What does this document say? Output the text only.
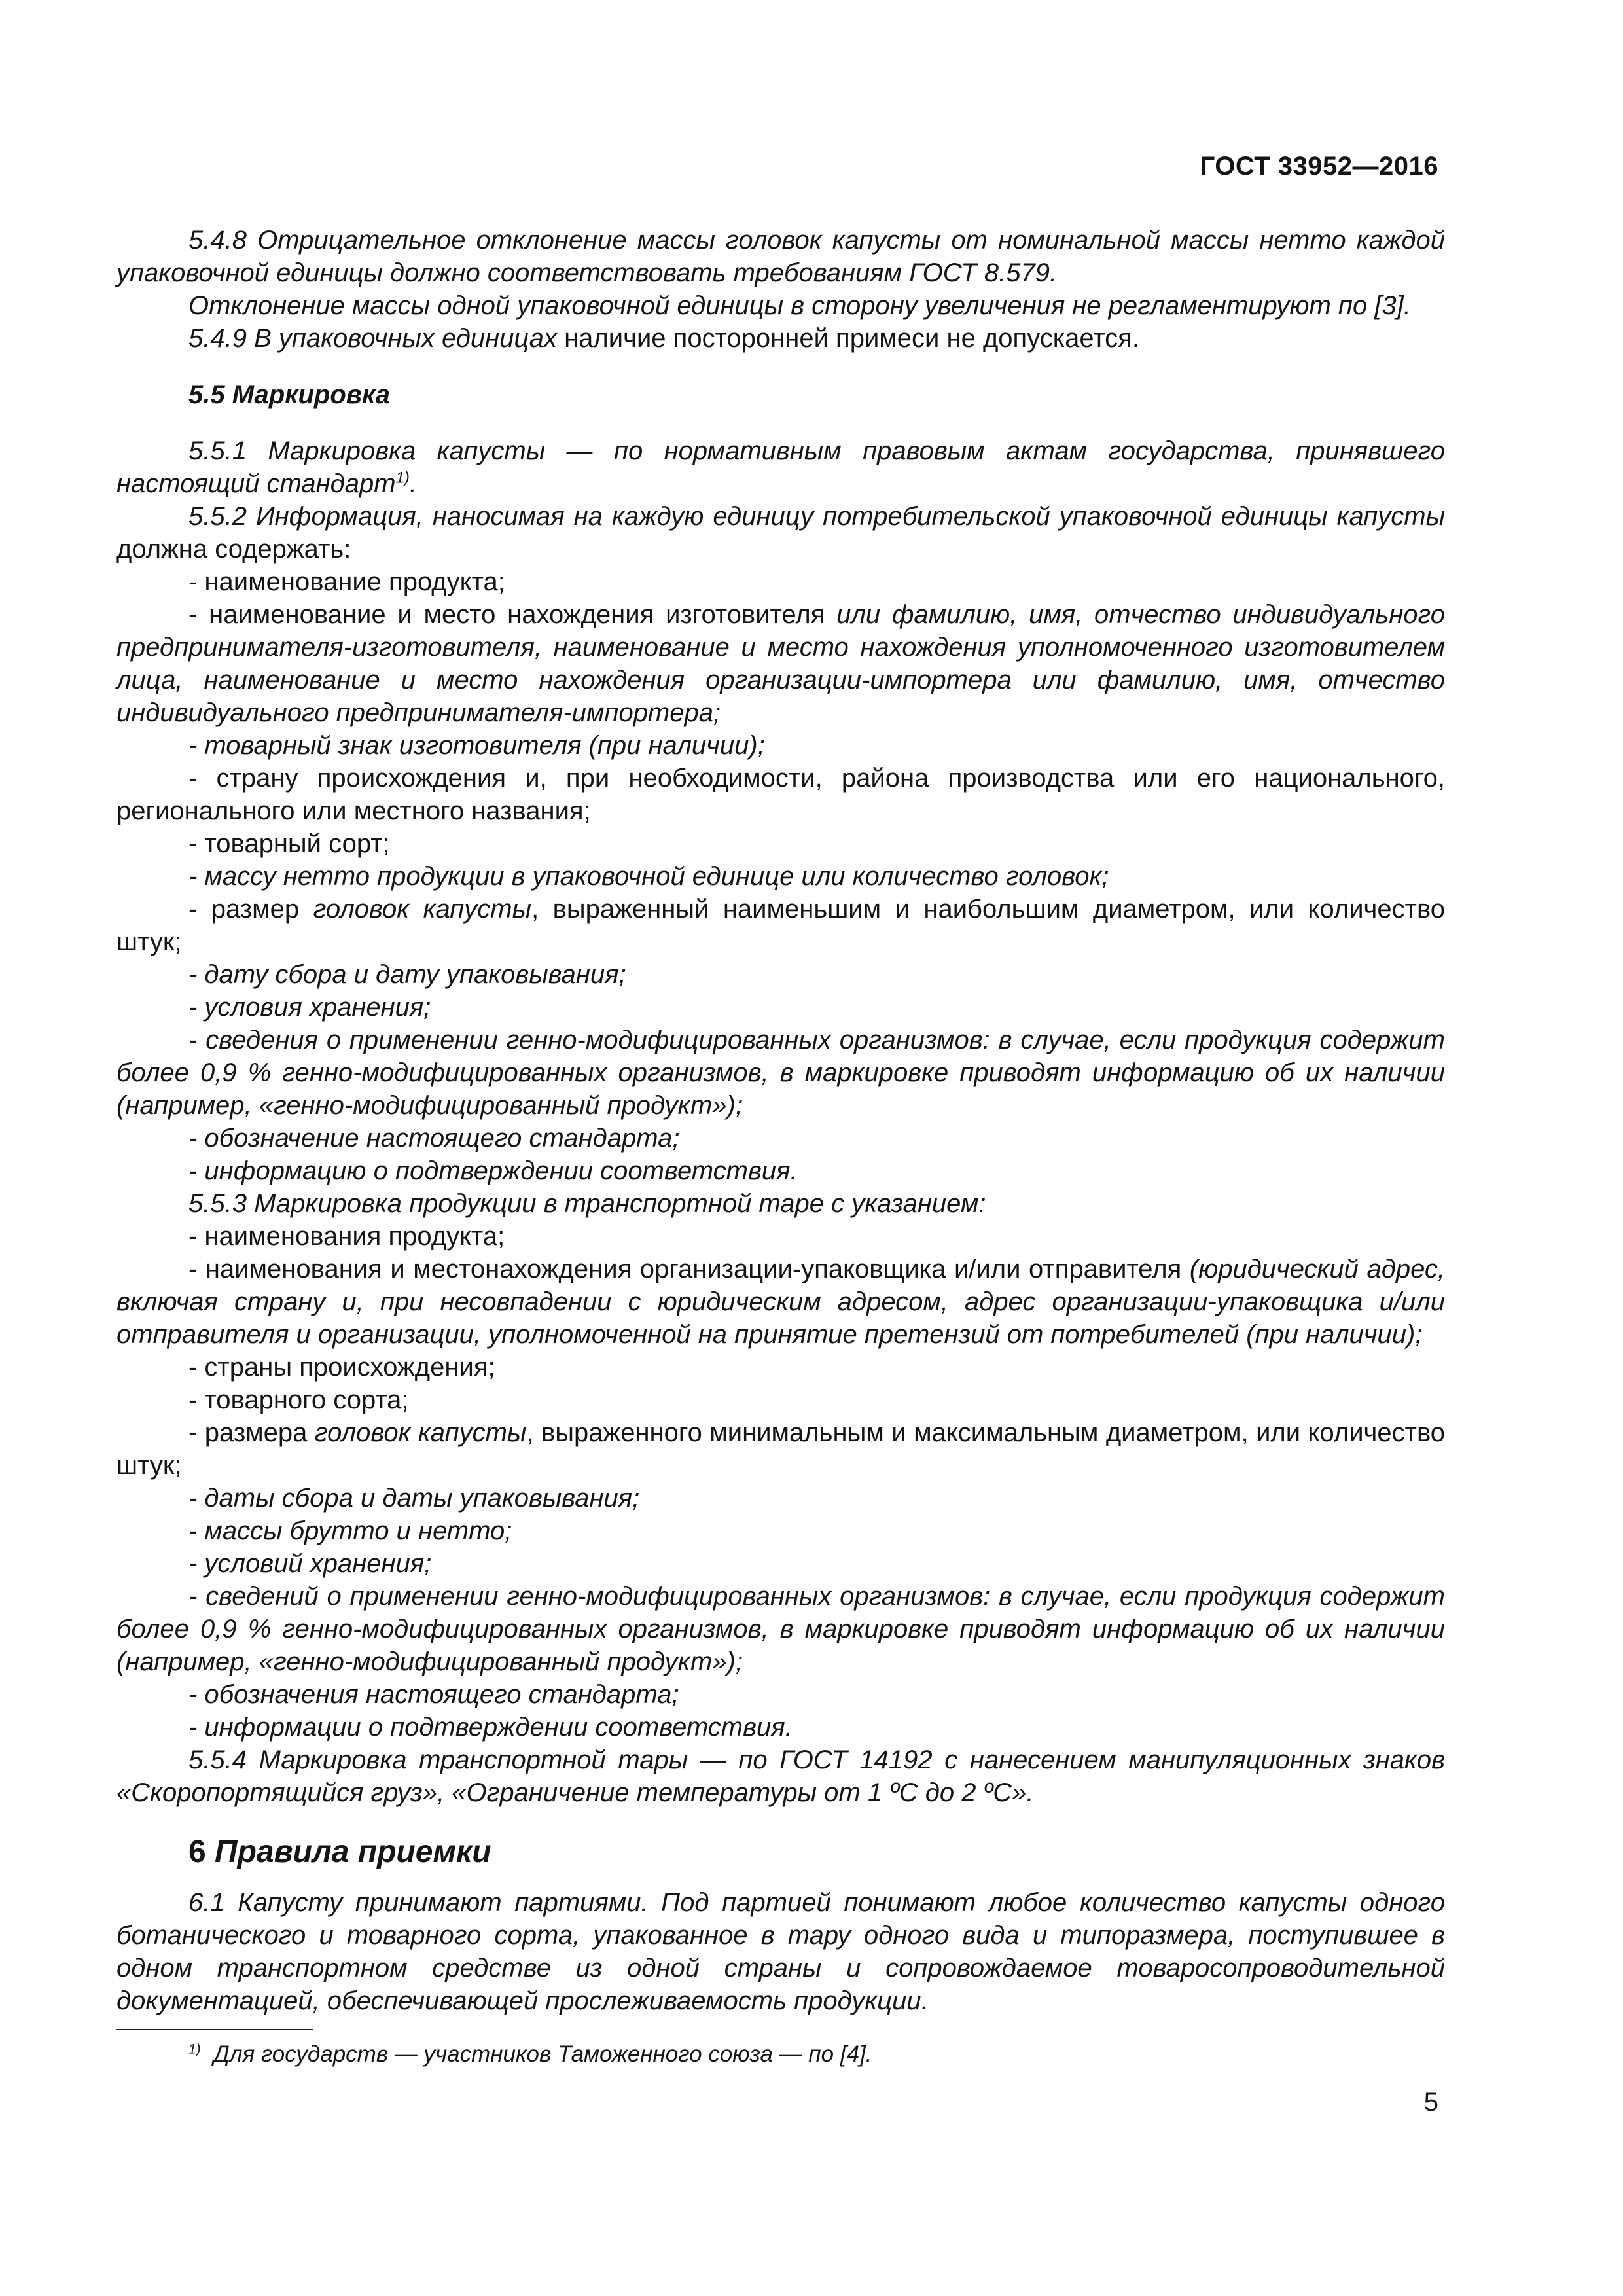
ГОСТ 33952—2016

5.4.8 Отрицательное отклонение массы головок капусты от номинальной массы нетто каждой упаковочной единицы должно соответствовать требованиям ГОСТ 8.579.

Отклонение массы одной упаковочной единицы в сторону увеличения не регламентируют по [3].

5.4.9 В упаковочных единицах наличие посторонней примеси не допускается.

5.5 Маркировка

5.5.1 Маркировка капусты — по нормативным правовым актам государства, принявшего настоящий стандарт$^{1)}$.

5.5.2 Информация, наносимая на каждую единицу потребительской упаковочной единицы капусты должна содержать:

- наименование продукта;

- наименование и место нахождения изготовителя или фамилию, имя, отчество индивидуального предпринимателя-изготовителя, наименование и место нахождения уполномоченного изготовителем лица, наименование и место нахождения организации-импортера или фамилию, имя, отчество индивидуального предпринимателя-импортера;

- товарный знак изготовителя (при наличии);

- страну происхождения и, при необходимости, района производства или его национального, регионального или местного названия;

- товарный сорт;

- массу нетто продукции в упаковочной единице или количество головок;

- размер головок капусты, выраженный наименьшим и наибольшим диаметром, или количество штук;

- дату сбора и дату упаковывания;

- условия хранения;

- сведения о применении генно-модифицированных организмов: в случае, если продукция содержит более 0,9 % генно-модифицированных организмов, в маркировке приводят информацию об их наличии (например, «генно-модифицированный продукт»);

- обозначение настоящего стандарта;

- информацию о подтверждении соответствия.

5.5.3 Маркировка продукции в транспортной таре с указанием:

- наименования продукта;

- наименования и местонахождения организации-упаковщика и/или отправителя (юридический адрес, включая страну и, при несовпадении с юридическим адресом, адрес организации-упаковщика и/или отправителя и организации, уполномоченной на принятие претензий от потребителей (при наличии);

- страны происхождения;

- товарного сорта;

- размера головок капусты, выраженного минимальным и максимальным диаметром, или количество штук;

- даты сбора и даты упаковывания;

- массы брутто и нетто;

- условий хранения;

- сведений о применении генно-модифицированных организмов: в случае, если продукция содержит более 0,9 % генно-модифицированных организмов, в маркировке приводят информацию об их наличии (например, «генно-модифицированный продукт»);

- обозначения настоящего стандарта;

- информации о подтверждении соответствия.

5.5.4 Маркировка транспортной тары — по ГОСТ 14192 с нанесением манипуляционных знаков «Скоропортящийся груз», «Ограничение температуры от 1 ºС до 2 ºС».

6 Правила приемки

6.1 Капусту принимают партиями. Под партией понимают любое количество капусты одного ботанического и товарного сорта, упакованное в тару одного вида и типоразмера, поступившее в одном транспортном средстве из одной страны и сопровождаемое товаросопроводительной документацией, обеспечивающей прослеживаемость продукции.

$^{1)}$ Для государств — участников Таможенного союза — по [4].
5
